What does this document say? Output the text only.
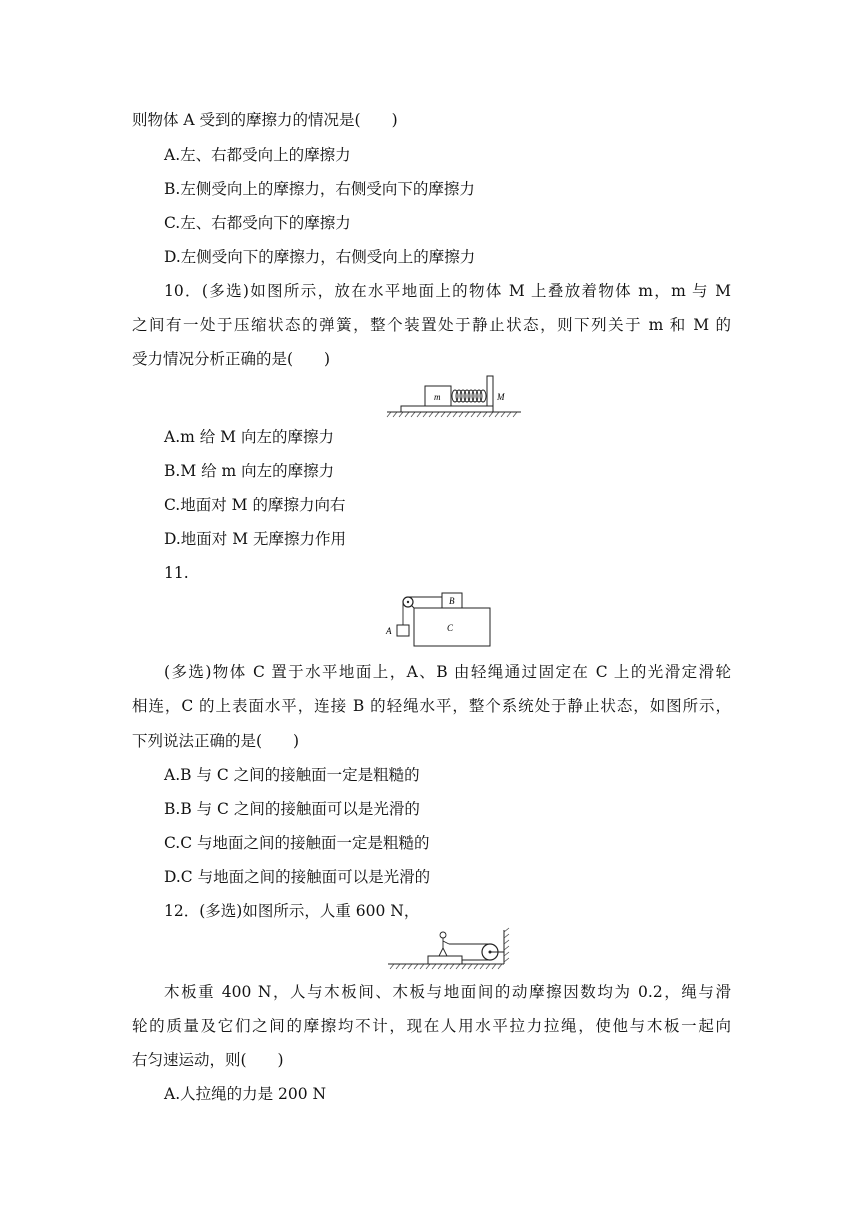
则物体 A 受到的摩擦力的情况是(　　)
A.左、右都受向上的摩擦力
B.左侧受向上的摩擦力，右侧受向下的摩擦力
C.左、右都受向下的摩擦力
D.左侧受向下的摩擦力，右侧受向上的摩擦力
10．(多选)如图所示，放在水平地面上的物体 M 上叠放着物体 m，m 与 M
之间有一处于压缩状态的弹簧，整个装置处于静止状态，则下列关于 m 和 M 的
受力情况分析正确的是(　　)
m	M
A.m 给 M 向左的摩擦力
B.M 给 m 向左的摩擦力
C.地面对 M 的摩擦力向右
D.地面对 M 无摩擦力作用
11.
C
B
A
(多选)物体 C 置于水平地面上，A、B 由轻绳通过固定在 C 上的光滑定滑轮
相连，C 的上表面水平，连接 B 的轻绳水平，整个系统处于静止状态，如图所示，
下列说法正确的是(　　)
A.B 与 C 之间的接触面一定是粗糙的
B.B 与 C 之间的接触面可以是光滑的
C.C 与地面之间的接触面一定是粗糙的
D.C 与地面之间的接触面可以是光滑的
12．(多选)如图所示，人重 600 N，
木板重 400 N，人与木板间、木板与地面间的动摩擦因数均为 0.2，绳与滑
轮的质量及它们之间的摩擦均不计，现在人用水平拉力拉绳，使他与木板一起向
右匀速运动，则(　　)
A.人拉绳的力是 200 N
